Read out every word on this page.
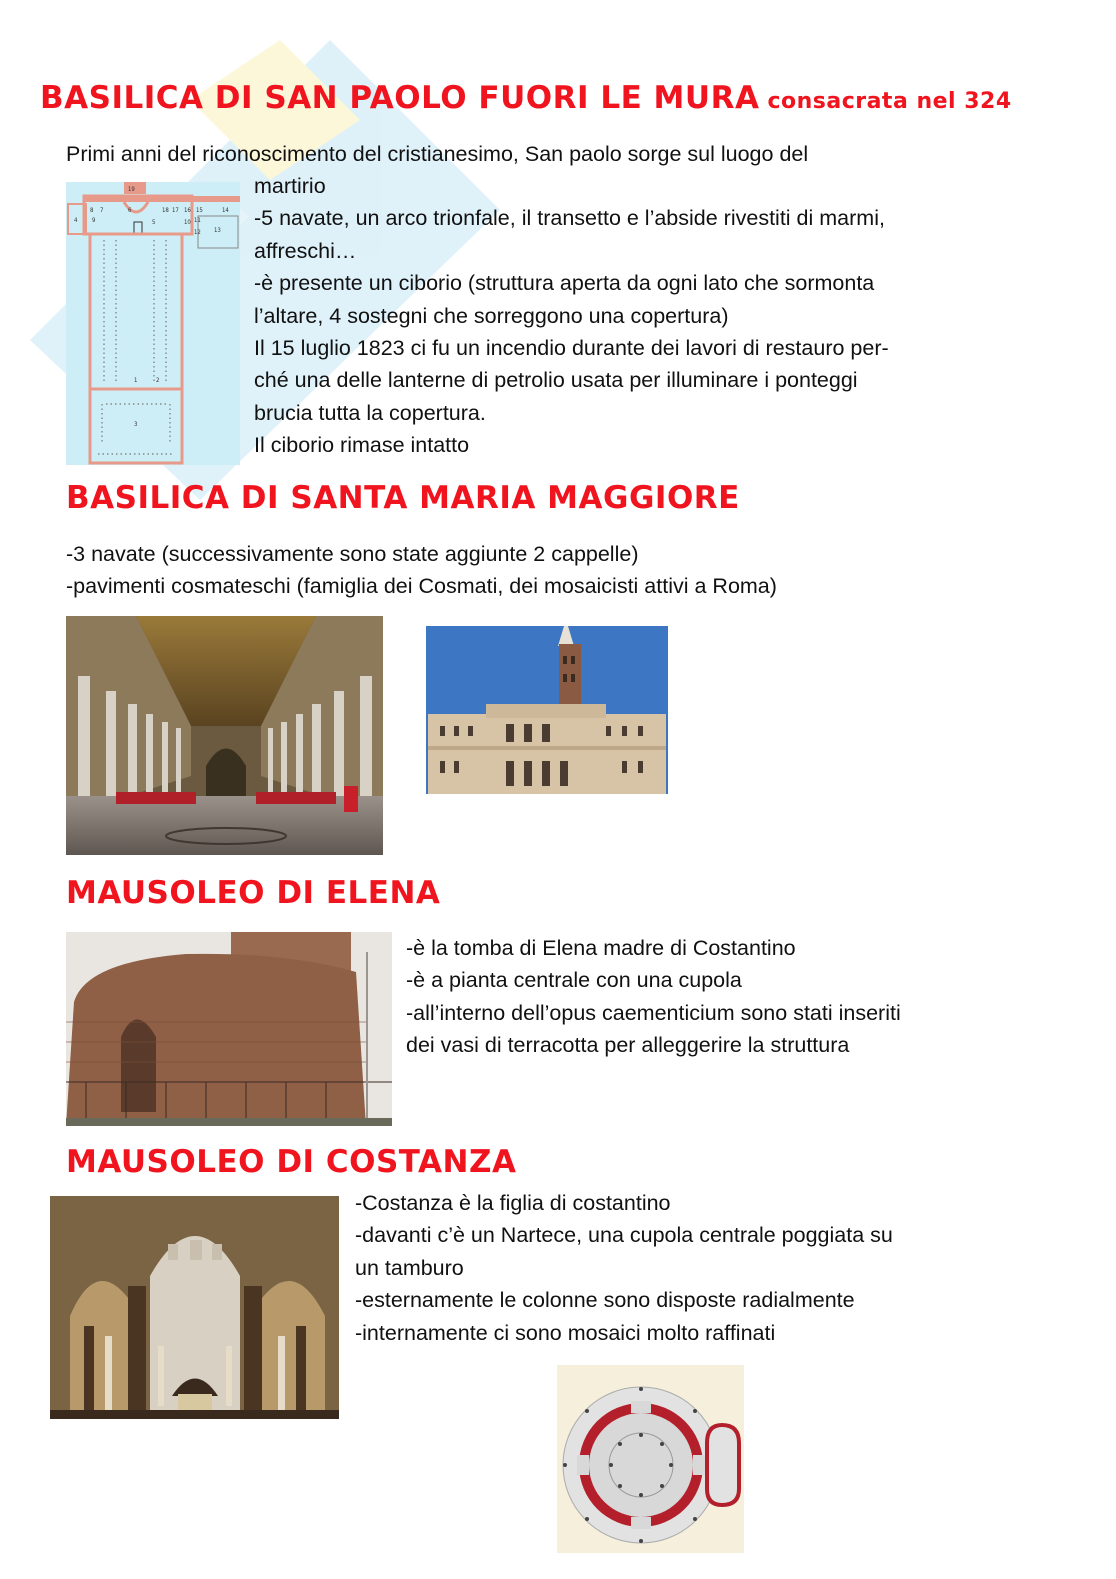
BASILICA DI SAN PAOLO FUORI LE MURA consacrata nel 324
Primi anni del riconoscimento del cristianesimo, San paolo sorge sul luogo del
19
8 7	6	18 17 16 15	14
4 9	5	10 11
12 13
1	2
3
martirio
-5 navate, un arco trionfale, il transetto e l’abside rivestiti di marmi,
affreschi…
-è presente un ciborio (struttura aperta da ogni lato che sormonta
l’altare, 4 sostegni che sorreggono una copertura)
Il 15 luglio 1823 ci fu un incendio durante dei lavori di restauro per-
ché una delle lanterne di petrolio usata per illuminare i ponteggi
brucia tutta la copertura.
Il ciborio rimase intatto
BASILICA DI SANTA MARIA MAGGIORE
-3 navate (successivamente sono state aggiunte 2 cappelle)
-pavimenti cosmateschi (famiglia dei Cosmati, dei mosaicisti attivi a Roma)
MAUSOLEO DI ELENA
-è la tomba di Elena madre di Costantino
-è a pianta centrale con una cupola
-all’interno dell’opus caementicium sono stati inseriti
dei vasi di terracotta per alleggerire la struttura
MAUSOLEO DI COSTANZA
-Costanza è la figlia di costantino
-davanti c’è un Nartece, una cupola centrale poggiata su
un tamburo
-esternamente le colonne sono disposte radialmente
-internamente ci sono mosaici molto raffinati
